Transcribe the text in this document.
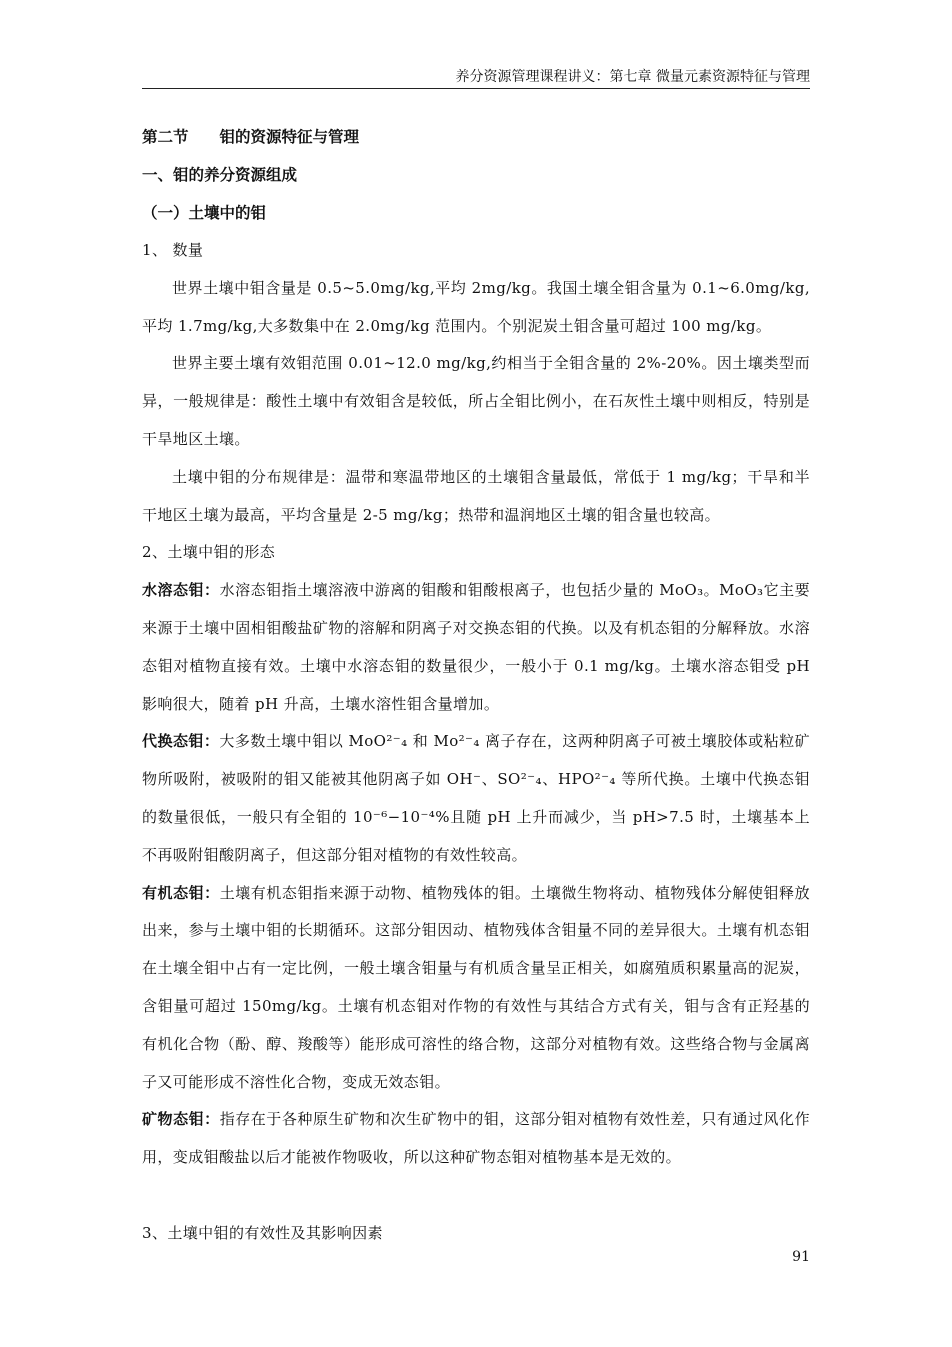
养分资源管理课程讲义：第七章 微量元素资源特征与管理

第二节　　钼的资源特征与管理

一、钼的养分资源组成

（一）土壤中的钼

1、 数量

世界土壤中钼含量是 0.5~5.0mg/kg,平均 2mg/kg。我国土壤全钼含量为 0.1~6.0mg/kg,平均 1.7mg/kg,大多数集中在 2.0mg/kg 范围内。个别泥炭土钼含量可超过 100 mg/kg。

世界主要土壤有效钼范围 0.01~12.0 mg/kg,约相当于全钼含量的 2%-20%。因土壤类型而异，一般规律是：酸性土壤中有效钼含是较低，所占全钼比例小，在石灰性土壤中则相反，特别是干旱地区土壤。

土壤中钼的分布规律是：温带和寒温带地区的土壤钼含量最低，常低于 1 mg/kg；干旱和半干地区土壤为最高，平均含量是 2-5 mg/kg；热带和温润地区土壤的钼含量也较高。

2、土壤中钼的形态

水溶态钼：水溶态钼指土壤溶液中游离的钼酸和钼酸根离子，也包括少量的 MoO₃。MoO₃它主要来源于土壤中固相钼酸盐矿物的溶解和阴离子对交换态钼的代换。以及有机态钼的分解释放。水溶态钼对植物直接有效。土壤中水溶态钼的数量很少，一般小于 0.1 mg/kg。土壤水溶态钼受 pH 影响很大，随着 pH 升高，土壤水溶性钼含量增加。

代换态钼：大多数土壤中钼以 MoO²⁻₄ 和 Mo²⁻₄ 离子存在，这两种阴离子可被土壤胶体或粘粒矿物所吸附，被吸附的钼又能被其他阴离子如 OH⁻、SO²⁻₄、HPO²⁻₄ 等所代换。土壤中代换态钼的数量很低，一般只有全钼的 10⁻⁶−10⁻⁴%且随 pH 上升而减少，当 pH>7.5 时，土壤基本上不再吸附钼酸阴离子，但这部分钼对植物的有效性较高。

有机态钼：土壤有机态钼指来源于动物、植物残体的钼。土壤微生物将动、植物残体分解使钼释放出来，参与土壤中钼的长期循环。这部分钼因动、植物残体含钼量不同的差异很大。土壤有机态钼在土壤全钼中占有一定比例，一般土壤含钼量与有机质含量呈正相关，如腐殖质积累量高的泥炭，含钼量可超过 150mg/kg。土壤有机态钼对作物的有效性与其结合方式有关，钼与含有正羟基的有机化合物（酚、醇、羧酸等）能形成可溶性的络合物，这部分对植物有效。这些络合物与金属离子又可能形成不溶性化合物，变成无效态钼。

矿物态钼：指存在于各种原生矿物和次生矿物中的钼，这部分钼对植物有效性差，只有通过风化作用，变成钼酸盐以后才能被作物吸收，所以这种矿物态钼对植物基本是无效的。

3、土壤中钼的有效性及其影响因素

91
